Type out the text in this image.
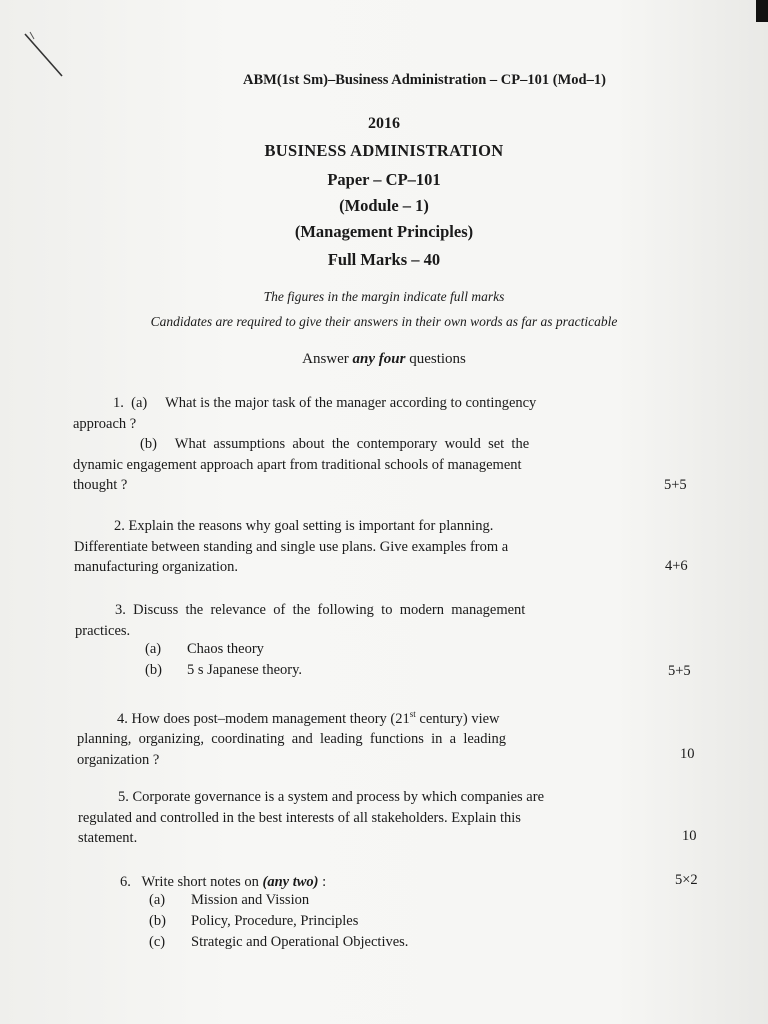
ABM(1st Sm)–Business Administration – CP–101 (Mod–1)
2016
BUSINESS ADMINISTRATION
Paper – CP–101
(Module – 1)
(Management Principles)
Full Marks – 40
The figures in the margin indicate full marks
Candidates are required to give their answers in their own words as far as practicable
Answer any four questions
1.  (a)     What is the major task of the manager according to contingency
approach ?
(b)     What  assumptions  about  the  contemporary  would  set  the
dynamic engagement approach apart from traditional schools of management
thought ?	5+5
2. Explain the reasons why goal setting is important for planning.
Differentiate between standing and single use plans. Give examples from a
manufacturing organization.	4+6
3.  Discuss  the  relevance  of  the  following  to  modern  management
practices.
(a) Chaos theory
(b) 5 s Japanese theory.	5+5
4. How does post–modem management theory (21st century) view
planning,  organizing,  coordinating  and  leading  functions  in  a  leading
organization ?	10
5. Corporate governance is a system and process by which companies are
regulated and controlled in the best interests of all stakeholders. Explain this
statement.	10
6.   Write short notes on (any two) :	5×2
(a) Mission and Vission
(b) Policy, Procedure, Principles
(c) Strategic and Operational Objectives.
